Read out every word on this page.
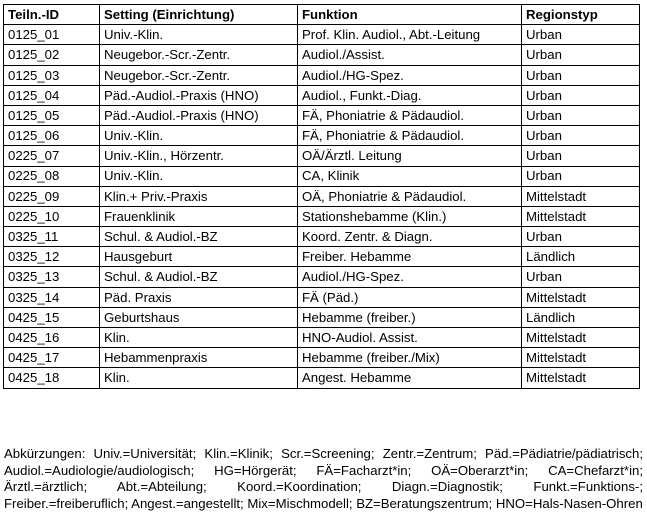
Teiln.-ID	Setting (Einrichtung)	Funktion	Regionstyp
0125_01	Univ.-Klin.	Prof. Klin. Audiol., Abt.-Leitung	Urban
0125_02	Neugebor.-Scr.-Zentr.	Audiol./Assist.	Urban
0125_03	Neugebor.-Scr.-Zentr.	Audiol./HG-Spez.	Urban
0125_04	Päd.-Audiol.-Praxis (HNO)	Audiol., Funkt.-Diag.	Urban
0125_05	Päd.-Audiol.-Praxis (HNO)	FÄ, Phoniatrie & Pädaudiol.	Urban
0125_06	Univ.-Klin.	FÄ, Phoniatrie & Pädaudiol.	Urban
0225_07	Univ.-Klin., Hörzentr.	OÄ/Ärztl. Leitung	Urban
0225_08	Univ.-Klin.	CA, Klinik	Urban
0225_09	Klin.+ Priv.-Praxis	OÄ, Phoniatrie & Pädaudiol.	Mittelstadt
0225_10	Frauenklinik	Stationshebamme (Klin.)	Mittelstadt
0325_11	Schul. & Audiol.-BZ	Koord. Zentr. & Diagn.	Urban
0325_12	Hausgeburt	Freiber. Hebamme	Ländlich
0325_13	Schul. & Audiol.-BZ	Audiol./HG-Spez.	Urban
0325_14	Päd. Praxis	FÄ (Päd.)	Mittelstadt
0425_15	Geburtshaus	Hebamme (freiber.)	Ländlich
0425_16	Klin.	HNO-Audiol. Assist.	Mittelstadt
0425_17	Hebammenpraxis	Hebamme (freiber./Mix)	Mittelstadt
0425_18	Klin.	Angest. Hebamme	Mittelstadt
Abkürzungen: Univ.=Universität; Klin.=Klinik; Scr.=Screening; Zentr.=Zentrum; Päd.=Pädiatrie/pädiatrisch; Audiol.=Audiologie/audiologisch; HG=Hörgerät; FÄ=Facharzt*in; OÄ=Oberarzt*in; CA=Chefarzt*in; Ärztl.=ärztlich; Abt.=Abteilung; Koord.=Koordination; Diagn.=Diagnostik; Funkt.=Funktions-; Freiber.=freiberuflich; Angest.=angestellt; Mix=Mischmodell; BZ=Beratungszentrum; HNO=Hals-Nasen-Ohren
